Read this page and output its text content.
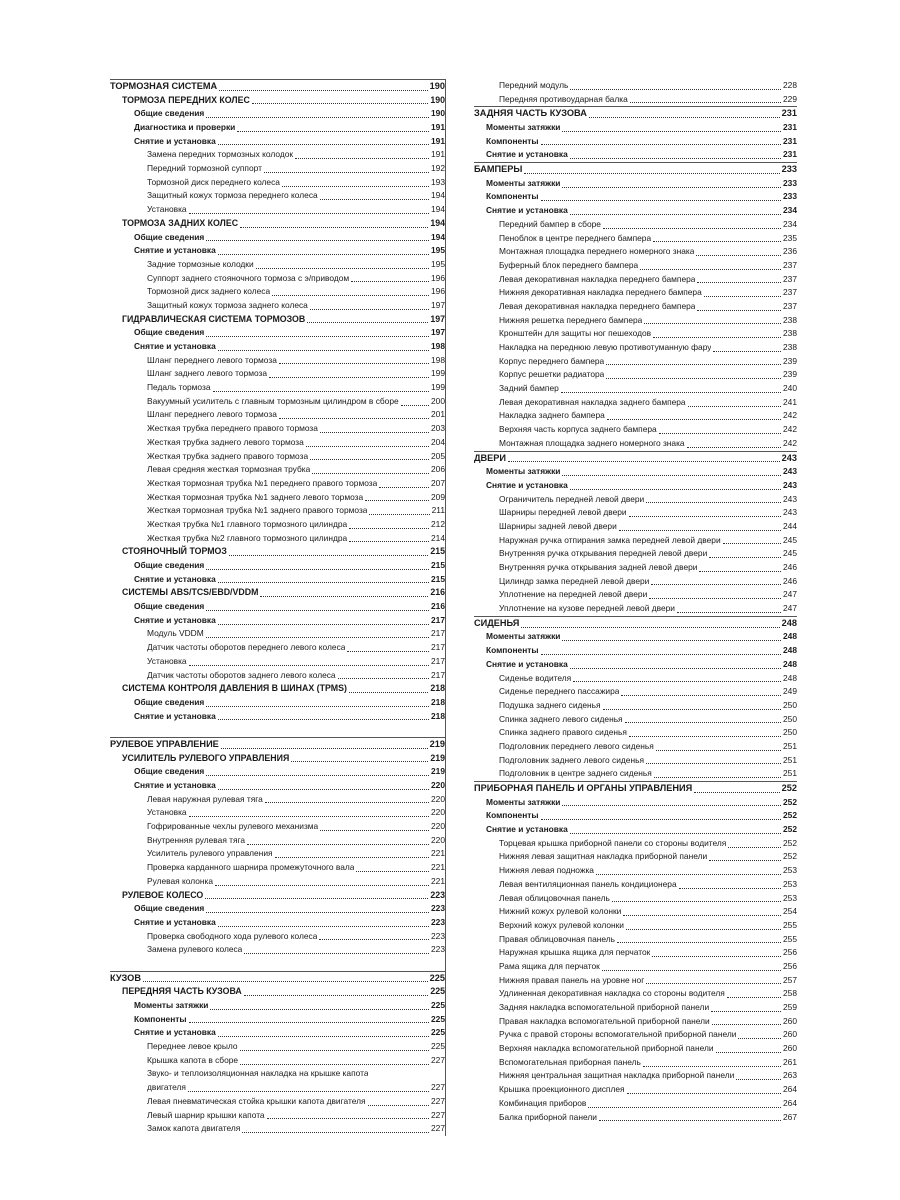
ТОРМОЗНАЯ СИСТЕМА	190
ТОРМОЗА ПЕРЕДНИХ КОЛЕС	190
Общие сведения	190
Диагностика и проверки	191
Снятие и установка	191
Замена передних тормозных колодок	191
Передний тормозной суппорт	192
Тормозной диск переднего колеса	193
Защитный кожух тормоза переднего колеса	194
Установка	194
ТОРМОЗА ЗАДНИХ КОЛЕС	194
Общие сведения	194
Снятие и установка	195
Задние тормозные колодки	195
Суппорт заднего стояночного тормоза с э/приводом	196
Тормозной диск заднего колеса	196
Защитный кожух тормоза заднего колеса	197
ГИДРАВЛИЧЕСКАЯ СИСТЕМА ТОРМОЗОВ	197
Общие сведения	197
Снятие и установка	198
Шланг переднего левого тормоза	198
Шланг заднего левого тормоза	199
Педаль тормоза	199
Вакуумный усилитель с главным тормозным цилиндром в сборе	200
Шланг переднего левого тормоза	201
Жесткая трубка переднего правого тормоза	203
Жесткая трубка заднего левого тормоза	204
Жесткая трубка заднего правого тормоза	205
Левая средняя жесткая тормозная трубка	206
Жесткая тормозная трубка №1 переднего правого тормоза	207
Жесткая тормозная трубка №1 заднего левого тормоза	209
Жесткая тормозная трубка №1 заднего правого тормоза	211
Жесткая трубка №1 главного тормозного цилиндра	212
Жесткая трубка №2 главного тормозного цилиндра	214
СТОЯНОЧНЫЙ ТОРМОЗ	215
Общие сведения	215
Снятие и установка	215
СИСТЕМЫ ABS/TCS/EBD/VDDM	216
Общие сведения	216
Снятие и установка	217
Модуль VDDM	217
Датчик частоты оборотов переднего левого колеса	217
Установка	217
Датчик частоты оборотов заднего левого колеса	217
СИСТЕМА КОНТРОЛЯ ДАВЛЕНИЯ В ШИНАХ (TPMS)	218
Общие сведения	218
Снятие и установка	218
РУЛЕВОЕ УПРАВЛЕНИЕ	219
УСИЛИТЕЛЬ РУЛЕВОГО УПРАВЛЕНИЯ	219
Общие сведения	219
Снятие и установка	220
Левая наружная рулевая тяга	220
Установка	220
Гофрированные чехлы рулевого механизма	220
Внутренняя рулевая тяга	220
Усилитель рулевого управления	221
Проверка карданного шарнира промежуточного вала	221
Рулевая колонка	221
РУЛЕВОЕ КОЛЕСО	223
Общие сведения	223
Снятие и установка	223
Проверка свободного хода рулевого колеса	223
Замена рулевого колеса	223
КУЗОВ	225
ПЕРЕДНЯЯ ЧАСТЬ КУЗОВА	225
Моменты затяжки	225
Компоненты	225
Снятие и установка	225
Переднее левое крыло	225
Крышка капота в сборе	227
Звуко- и теплоизоляционная накладка на крышке капота
двигателя	227
Левая пневматическая стойка крышки капота двигателя	227
Левый шарнир крышки капота	227
Замок капота двигателя	227
Передний модуль	228
Передняя противоударная балка	229
ЗАДНЯЯ ЧАСТЬ КУЗОВА	231
Моменты затяжки	231
Компоненты	231
Снятие и установка	231
БАМПЕРЫ	233
Моменты затяжки	233
Компоненты	233
Снятие и установка	234
Передний бампер в сборе	234
Пеноблок в центре переднего бампера	235
Монтажная площадка переднего номерного знака	236
Буферный блок переднего бампера	237
Левая декоративная накладка переднего бампера	237
Нижняя декоративная накладка переднего бампера	237
Левая декоративная накладка переднего бампера	237
Нижняя решетка переднего бампера	238
Кронштейн для защиты ног пешеходов	238
Накладка на переднюю левую противотуманную фару	238
Корпус переднего бампера	239
Корпус решетки радиатора	239
Задний бампер	240
Левая декоративная накладка заднего бампера	241
Накладка заднего бампера	242
Верхняя часть корпуса заднего бампера	242
Монтажная площадка заднего номерного знака	242
ДВЕРИ	243
Моменты затяжки	243
Снятие и установка	243
Ограничитель передней левой двери	243
Шарниры передней левой двери	243
Шарниры задней левой двери	244
Наружная ручка отпирания замка передней левой двери	245
Внутренняя ручка открывания передней левой двери	245
Внутренняя ручка открывания задней левой двери	246
Цилиндр замка передней левой двери	246
Уплотнение на передней левой двери	247
Уплотнение на кузове передней левой двери	247
СИДЕНЬЯ	248
Моменты затяжки	248
Компоненты	248
Снятие и установка	248
Сиденье водителя	248
Сиденье переднего пассажира	249
Подушка заднего сиденья	250
Спинка заднего левого сиденья	250
Спинка заднего правого сиденья	250
Подголовник переднего левого сиденья	251
Подголовник заднего левого сиденья	251
Подголовник в центре заднего сиденья	251
ПРИБОРНАЯ ПАНЕЛЬ И ОРГАНЫ УПРАВЛЕНИЯ	252
Моменты затяжки	252
Компоненты	252
Снятие и установка	252
Торцевая крышка приборной панели со стороны водителя	252
Нижняя левая защитная накладка приборной панели	252
Нижняя левая подножка	253
Левая вентиляционная панель кондиционера	253
Левая облицовочная панель	253
Нижний кожух рулевой колонки	254
Верхний кожух рулевой колонки	255
Правая облицовочная панель	255
Наружная крышка ящика для перчаток	256
Рама ящика для перчаток	256
Нижняя правая панель на уровне ног	257
Удлиненная декоративная накладка со стороны водителя	258
Задняя накладка вспомогательной приборной панели	259
Правая накладка вспомогательной приборной панели	260
Ручка с правой стороны вспомогательной приборной панели	260
Верхняя накладка вспомогательной приборной панели	260
Вспомогательная приборная панель	261
Нижняя центральная защитная накладка приборной панели	263
Крышка проекционного дисплея	264
Комбинация приборов	264
Балка приборной панели	267
